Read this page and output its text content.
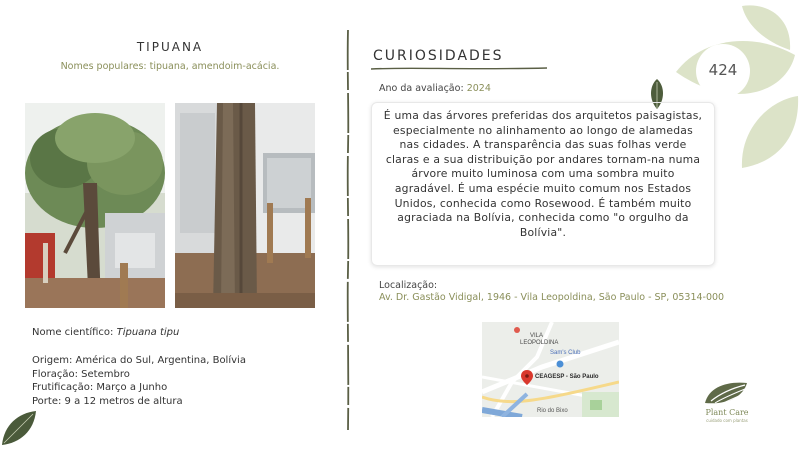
424
TIPUANA
Nomes populares: tipuana, amendoim-acácia.
Nome científico: Tipuana tipu
Origem: América do Sul, Argentina, Bolívia
Floração: Setembro
Frutificação: Março a Junho
Porte: 9 a 12 metros de altura
CURIOSIDADES
Ano da avaliação: 2024

É uma das árvores preferidas dos arquitetos paisagistas, especialmente no alinhamento ao longo de alamedas nas cidades. A transparência das suas folhas verde claras e a sua distribuição por andares tornam-na numa árvore muito luminosa com uma sombra muito agradável. É uma espécie muito comum nos Estados Unidos, conhecida como Rosewood. É também muito agraciada na Bolívia, conhecida como "o orgulho da Bolívia".

Localização:
Av. Dr. Gastão Vidigal, 1946 - Vila Leopoldina, São Paulo - SP, 05314-000
VILA
LEOPOLDINA
Sam's Club
CEAGESP - São Paulo
Rio do Bixo	Plant Care
cuidado com plantas
